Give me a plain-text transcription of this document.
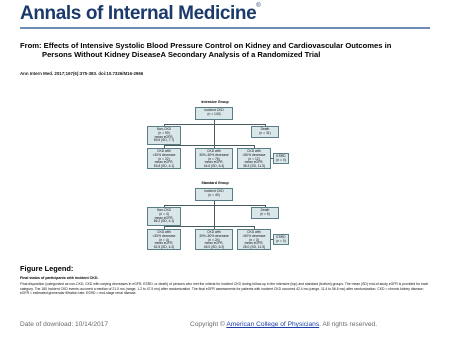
Annals of Internal Medicine®
From: Effects of Intensive Systolic Blood Pressure Control on Kidney and Cardiovascular Outcomes in
Persons Without Kidney DiseaseA Secondary Analysis of a Randomized Trial
Ann Intern Med. 2017;167(6):375-383. doi:10.7326/M16-2966
Intensive Group
Incident CKD
(n = 140)
Non-CKD
(n = 90)
mean eGFR,
69.6 (SD, 7.7)
Death
(n = 31)
CKD with
<30% decrease
(n = 22)
mean eGFR,
53.8 (SD, 4.1)
CKD with
30%–50% decrease
(n = 76)
mean eGFR,
44.6 (SD, 6.4)
CKD with
>50% decrease
(n = 12)
mean eGFR,
38.3 (SD, 11.5)
ESRD
(n = 0)
Standard Group
Incident CKD
(n = 40)
Non-CKD
(n = 4)
mean eGFR,
66.2 (SD, 4.1)
Death
(n = 5)
CKD with
<30% decrease
(n = 4)
mean eGFR,
52.5 (SD, 4.2)
CKD with
30%–50% decrease
(n = 24)
mean eGFR,
45.0 (SD, 6.2)
CKD with
>50% decrease
(n = 3)
mean eGFR,
28.0 (SD, 11.5)
ESRD
(n = 0)
Figure Legend:
Final status of participants with incident CKD.
Final disposition (categorized as non-CKD, CKD with varying decreases in eGFR, ESRD, or death) of persons who met the criteria for incident CKD during follow-up in the intensive (top) and standard (bottom) groups. The mean (SD) end-of-study eGFR is provided for each category. The 180 incident CKD events occurred a median of 21.0 mo (range, 1.2 to 47.9 mo) after randomization. The final eGFR assessments for patients with incident CKD occurred 42.4 mo (range, 11.4 to 56.6 mo) after randomization. CKD = chronic kidney disease; eGFR = estimated glomerular filtration rate; ESRD = end-stage renal disease.
Date of download: 10/14/2017	Copyright © American College of Physicians. All rights reserved.
